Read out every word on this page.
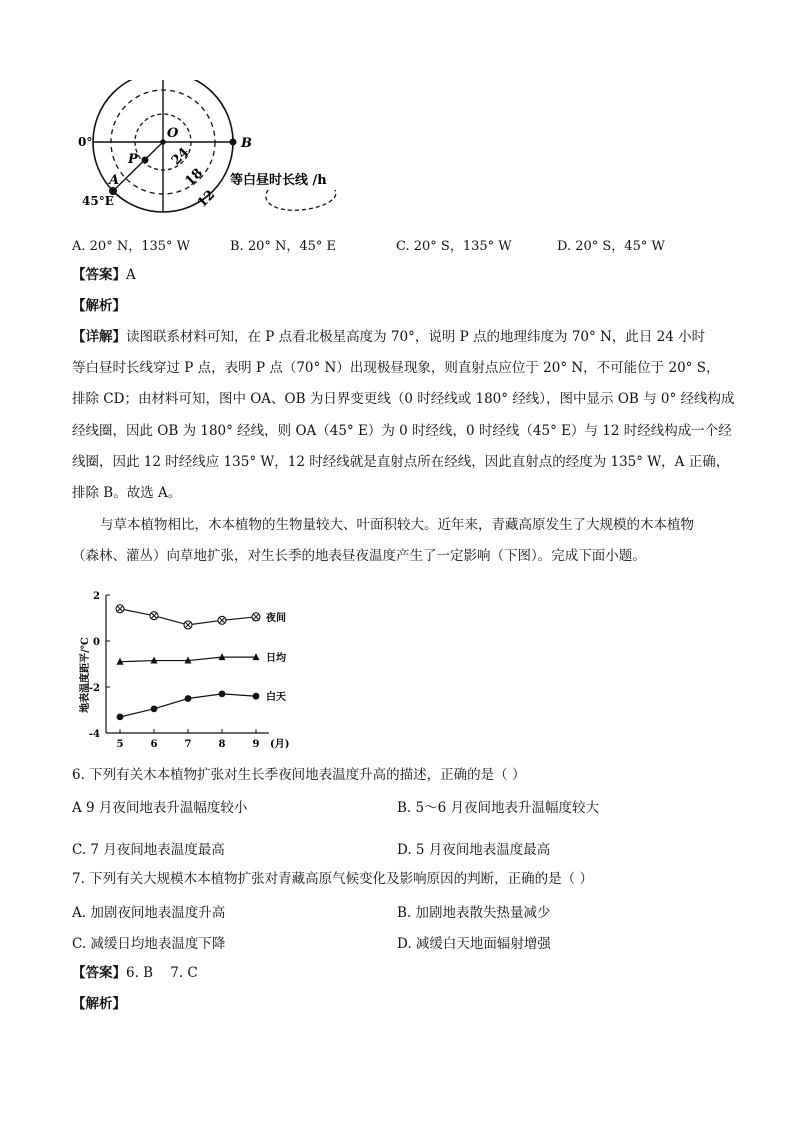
0°	B
O
P
A
45°E
24
18
12
等白昼时长线 /h
A. 20° N，135° W	B. 20° N，45° E	C. 20° S，135° W	D. 20° S，45° W
【答案】A
【解析】
【详解】读图联系材料可知，在 P 点看北极星高度为 70°，说明 P 点的地理纬度为 70° N，此日 24 小时
等白昼时长线穿过 P 点，表明 P 点（70° N）出现极昼现象，则直射点应位于 20° N，不可能位于 20° S，
排除 CD；由材料可知，图中 OA、OB 为日界变更线（0 时经线或 180° 经线），图中显示 OB 与 0° 经线构成
经线圈，因此 OB 为 180° 经线，则 OA（45° E）为 0 时经线，0 时经线（45° E）与 12 时经线构成一个经
线圈，因此 12 时经线应 135° W，12 时经线就是直射点所在经线，因此直射点的经度为 135° W，A 正确，
排除 B。故选 A。
与草本植物相比，木本植物的生物量较大、叶面积较大。近年来，青藏高原发生了大规模的木本植物
（森林、灌丛）向草地扩张，对生长季的地表昼夜温度产生了一定影响（下图）。完成下面小题。
地表温度距平/℃
2
0
-2
-4
5	6	7	8	9
夜间
日均
白天
(月)
6. 下列有关木本植物扩张对生长季夜间地表温度升高的描述，正确的是（ ）
A 9 月夜间地表升温幅度较小	B. 5～6 月夜间地表升温幅度较大
C. 7 月夜间地表温度最高	D. 5 月夜间地表温度最高
7. 下列有关大规模木本植物扩张对青藏高原气候变化及影响原因的判断，正确的是（ ）
A. 加剧夜间地表温度升高	B. 加剧地表散失热量减少
C. 减缓日均地表温度下降	D. 减缓白天地面辐射增强
【答案】6. B    7. C
【解析】
